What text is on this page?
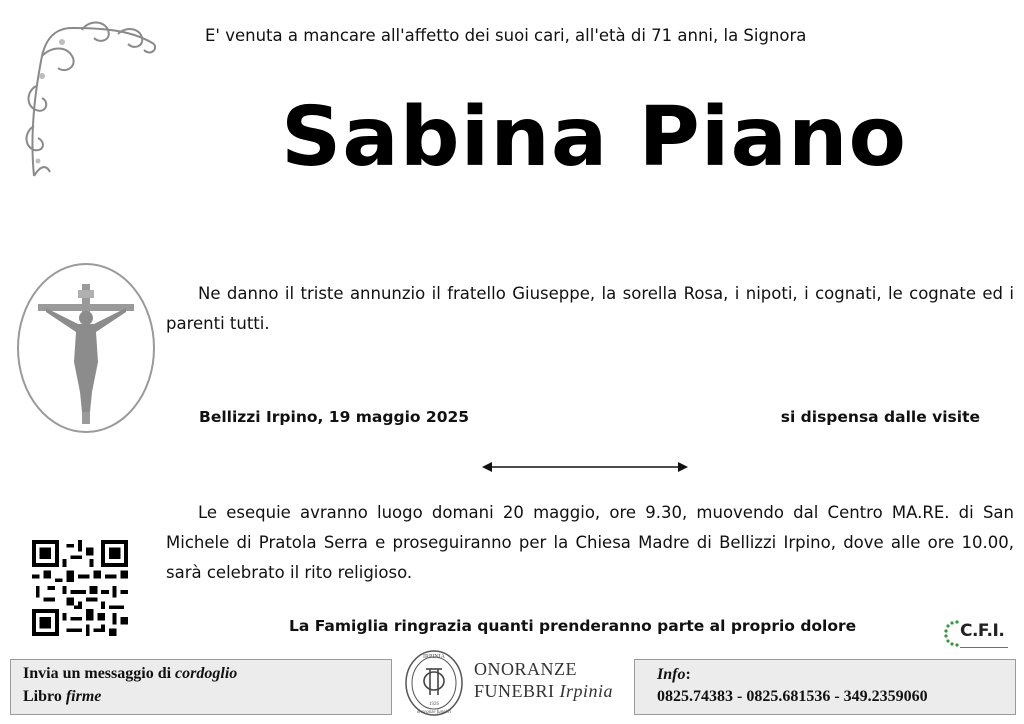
E' venuta a mancare all'affetto dei suoi cari, all'età di 71 anni, la Signora
Sabina Piano
Ne danno il triste annunzio il fratello Giuseppe, la sorella Rosa, i nipoti, i cognati, le cognate ed i parenti tutti.
Bellizzi Irpino, 19 maggio 2025	si dispensa dalle visite
Le esequie avranno luogo domani 20 maggio, ore 9.30, muovendo dal Centro MA.RE. di San Michele di Pratola Serra e proseguiranno per la Chiesa Madre di Bellizzi Irpino, dove alle ore 10.00, sarà celebrato il rito religioso.
La Famiglia ringrazia quanti prenderanno parte al proprio dolore	C.F.I.
Invia un messaggio di cordoglio
Libro firme
IRPINIA
onoranze funebri
1926
ONORANZE
FUNEBRI Irpinia
Info:
0825.74383 - 0825.681536 - 349.2359060
